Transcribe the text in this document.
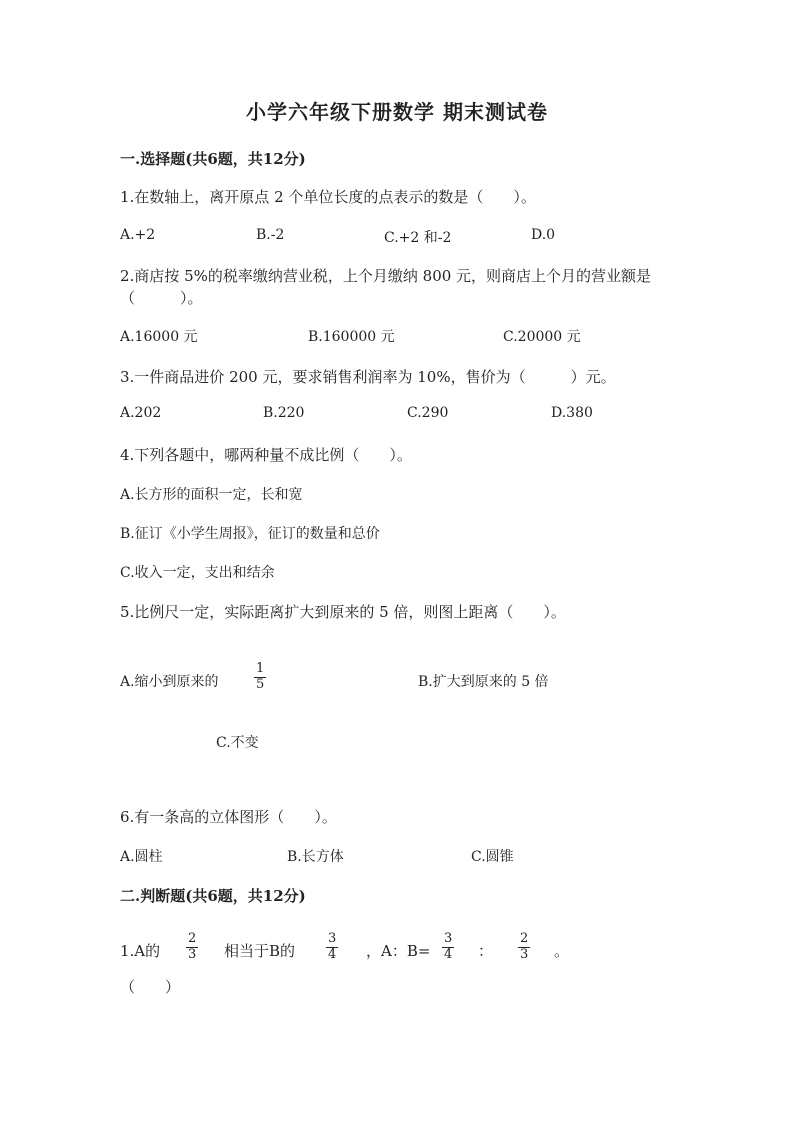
小学六年级下册数学 期末测试卷
一.选择题(共6题，共12分)
1.在数轴上，离开原点 2 个单位长度的点表示的数是（　　）。
A.+2	B.-2	C.+2 和-2	D.0
2.商店按 5%的税率缴纳营业税，上个月缴纳 800 元，则商店上个月的营业额是
（　　　）。
A.16000 元	B.160000 元	C.20000 元
3.一件商品进价 200 元，要求销售利润率为 10%，售价为（　　　）元。
A.202	B.220	C.290	D.380
4.下列各题中，哪两种量不成比例（　　）。
A.长方形的面积一定，长和宽
B.征订《小学生周报》，征订的数量和总价
C.收入一定，支出和结余
5.比例尺一定，实际距离扩大到原来的 5 倍，则图上距离（　　）。
A.缩小到原来的	$\frac{1}{5}$	B.扩大到原来的 5 倍
C.不变
6.有一条高的立体图形（　　）。
A.圆柱	B.长方体	C.圆锥
二.判断题(共6题，共12分)
1.A的 $\frac{2}{3}$ 相当于B的 $\frac{3}{4}$ ，A：$B= \frac{3}{4}$ ： $\frac{2}{3}$ 。
（　　）
